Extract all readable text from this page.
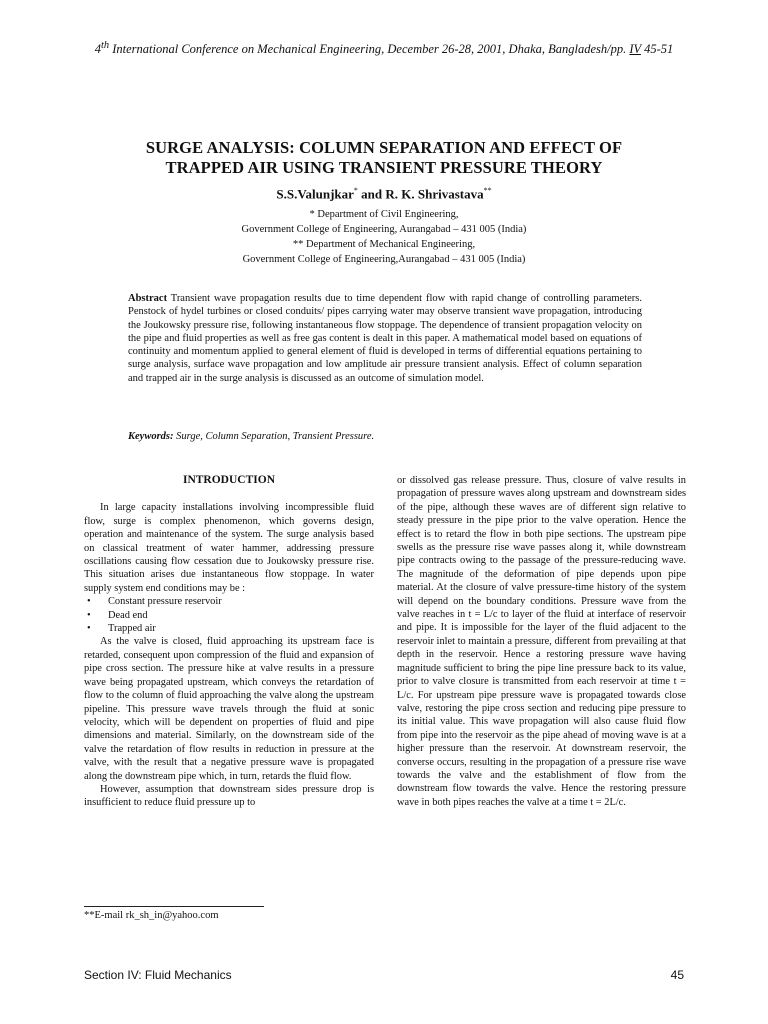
4th International Conference on Mechanical Engineering, December 26-28, 2001, Dhaka, Bangladesh/pp. IV 45-51
SURGE ANALYSIS: COLUMN SEPARATION AND EFFECT OF
TRAPPED AIR USING TRANSIENT PRESSURE THEORY
S.S.Valunjkar* and R. K. Shrivastava**
* Department of Civil Engineering,
Government College of Engineering, Aurangabad – 431 005 (India)
** Department of Mechanical Engineering,
Government College of Engineering,Aurangabad – 431 005 (India)
Abstract Transient wave propagation results due to time dependent flow with rapid change of controlling parameters. Penstock of hydel turbines or closed conduits/ pipes carrying water may observe transient wave propagation, introducing the Joukowsky pressure rise, following instantaneous flow stoppage. The dependence of transient propagation velocity on the pipe and fluid properties as well as free gas content is dealt in this paper. A mathematical model based on equations of continuity and momentum applied to general element of fluid is developed in terms of differential equations pertaining to surge analysis, surface wave propagation and low amplitude air pressure transient analysis. Effect of column separation and trapped air in the surge analysis is discussed as an outcome of simulation model.
Keywords: Surge, Column Separation, Transient Pressure.
INTRODUCTION

In large capacity installations involving incompressible fluid flow, surge is complex phenomenon, which governs design, operation and maintenance of the system. The surge analysis based on classical treatment of water hammer, addressing pressure oscillations causing flow cessation due to Joukowsky pressure rise. This situation arises due instantaneous flow stoppage. In water supply system end conditions may be :

• Constant pressure reservoir
• Dead end
• Trapped air

As the valve is closed, fluid approaching its upstream face is retarded, consequent upon compression of the fluid and expansion of pipe cross section. The pressure hike at valve results in a pressure wave being propagated upstream, which conveys the retardation of flow to the column of fluid approaching the valve along the upstream pipeline. This pressure wave travels through the fluid at sonic velocity, which will be dependent on properties of fluid and pipe dimensions and material. Similarly, on the downstream side of the valve the retardation of flow results in reduction in pressure at the valve, with the result that a negative pressure wave is propagated along the downstream pipe which, in turn, retards the fluid flow.

However, assumption that downstream sides pressure drop is insufficient to reduce fluid pressure up to

or dissolved gas release pressure. Thus, closure of valve results in propagation of pressure waves along upstream and downstream sides of the pipe, although these waves are of different sign relative to steady pressure in the pipe prior to the valve operation. Hence the effect is to retard the flow in both pipe sections. The upstream pipe swells as the pressure rise wave passes along it, while downstream pipe contracts owing to the passage of the pressure-reducing wave. The magnitude of the deformation of pipe depends upon pipe material. At the closure of valve pressure-time history of the system will depend on the boundary conditions. Pressure wave from the valve reaches in t = L/c to layer of the fluid at interface of reservoir and pipe. It is impossible for the layer of the fluid adjacent to the reservoir inlet to maintain a pressure, different from prevailing at that depth in the reservoir. Hence a restoring pressure wave having magnitude sufficient to bring the pipe line pressure back to its value, prior to valve closure is transmitted from each reservoir at time t = L/c. For upstream pipe pressure wave is propagated towards close valve, restoring the pipe cross section and reducing pipe pressure to its initial value. This wave propagation will also cause fluid flow from pipe into the reservoir as the pipe ahead of moving wave is at a higher pressure than the reservoir. At downstream reservoir, the converse occurs, resulting in the propagation of a pressure rise wave towards the valve and the establishment of flow from the downstream flow towards the valve. Hence the restoring pressure wave in both pipes reaches the valve at a time t = 2L/c.

**E-mail rk_sh_in@yahoo.com
Section IV: Fluid Mechanics	45
